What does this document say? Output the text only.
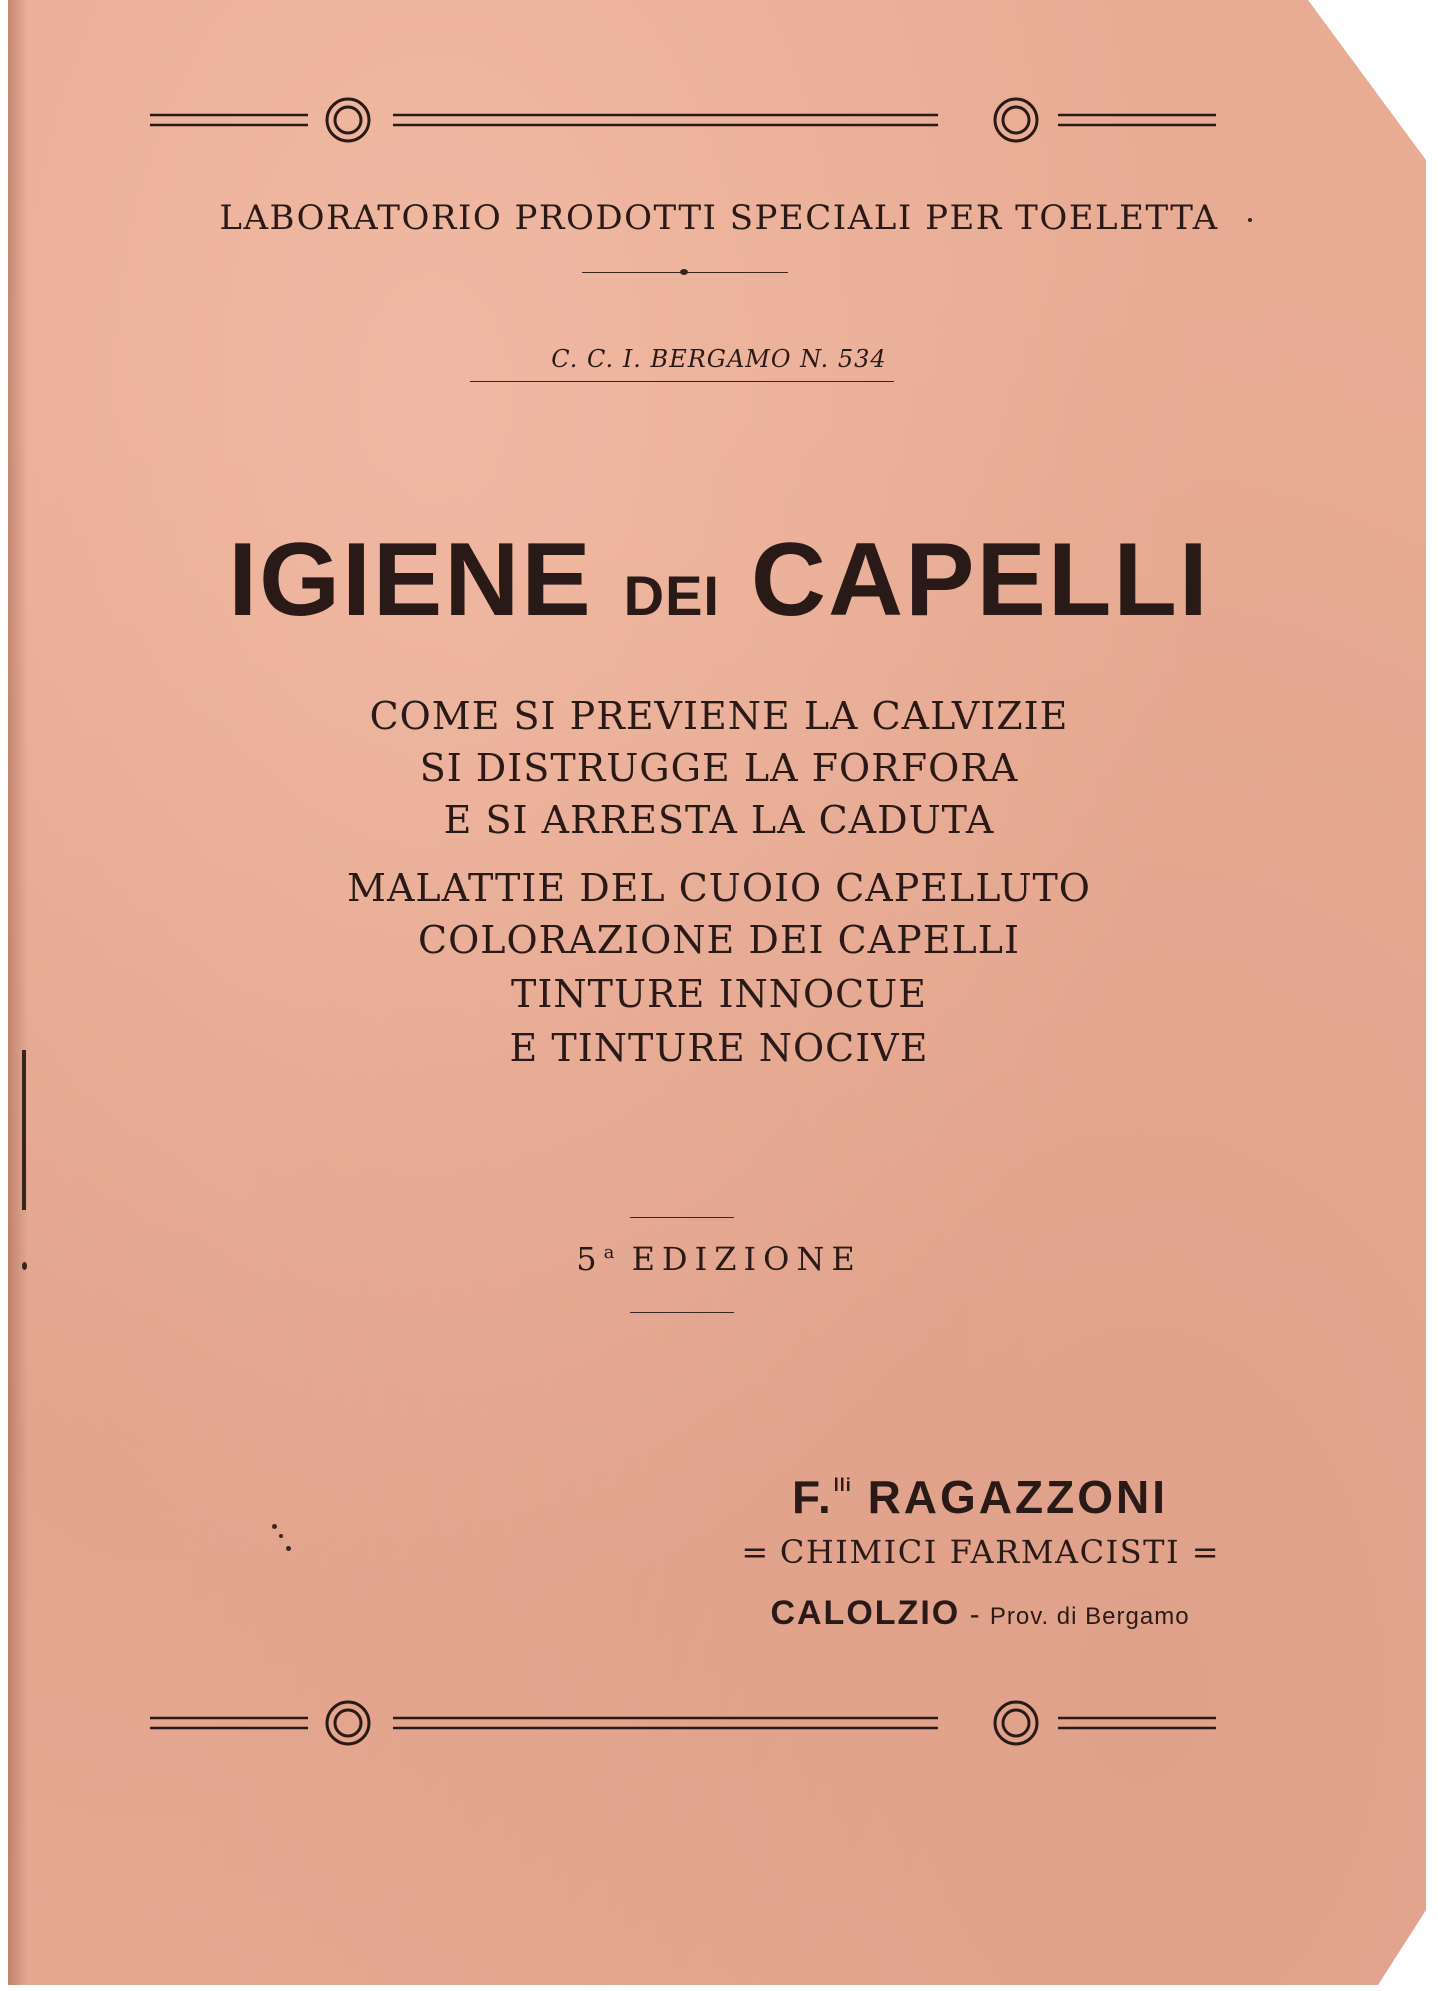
LABORATORIO PRODOTTI SPECIALI PER TOELETTA
C. C. I. BERGAMO N. 534
IGIENE DEI CAPELLI
COME SI PREVIENE LA CALVIZIE
SI DISTRUGGE LA FORFORA
E SI ARRESTA LA CADUTA
MALATTIE DEL CUOIO CAPELLUTO
COLORAZIONE DEI CAPELLI
TINTURE INNOCUE
E TINTURE NOCIVE
5$^a$ EDIZIONE
F.$^{lli}$ RAGAZZONI
= CHIMICI FARMACISTI =
CALOLZIO - Prov. di Bergamo
